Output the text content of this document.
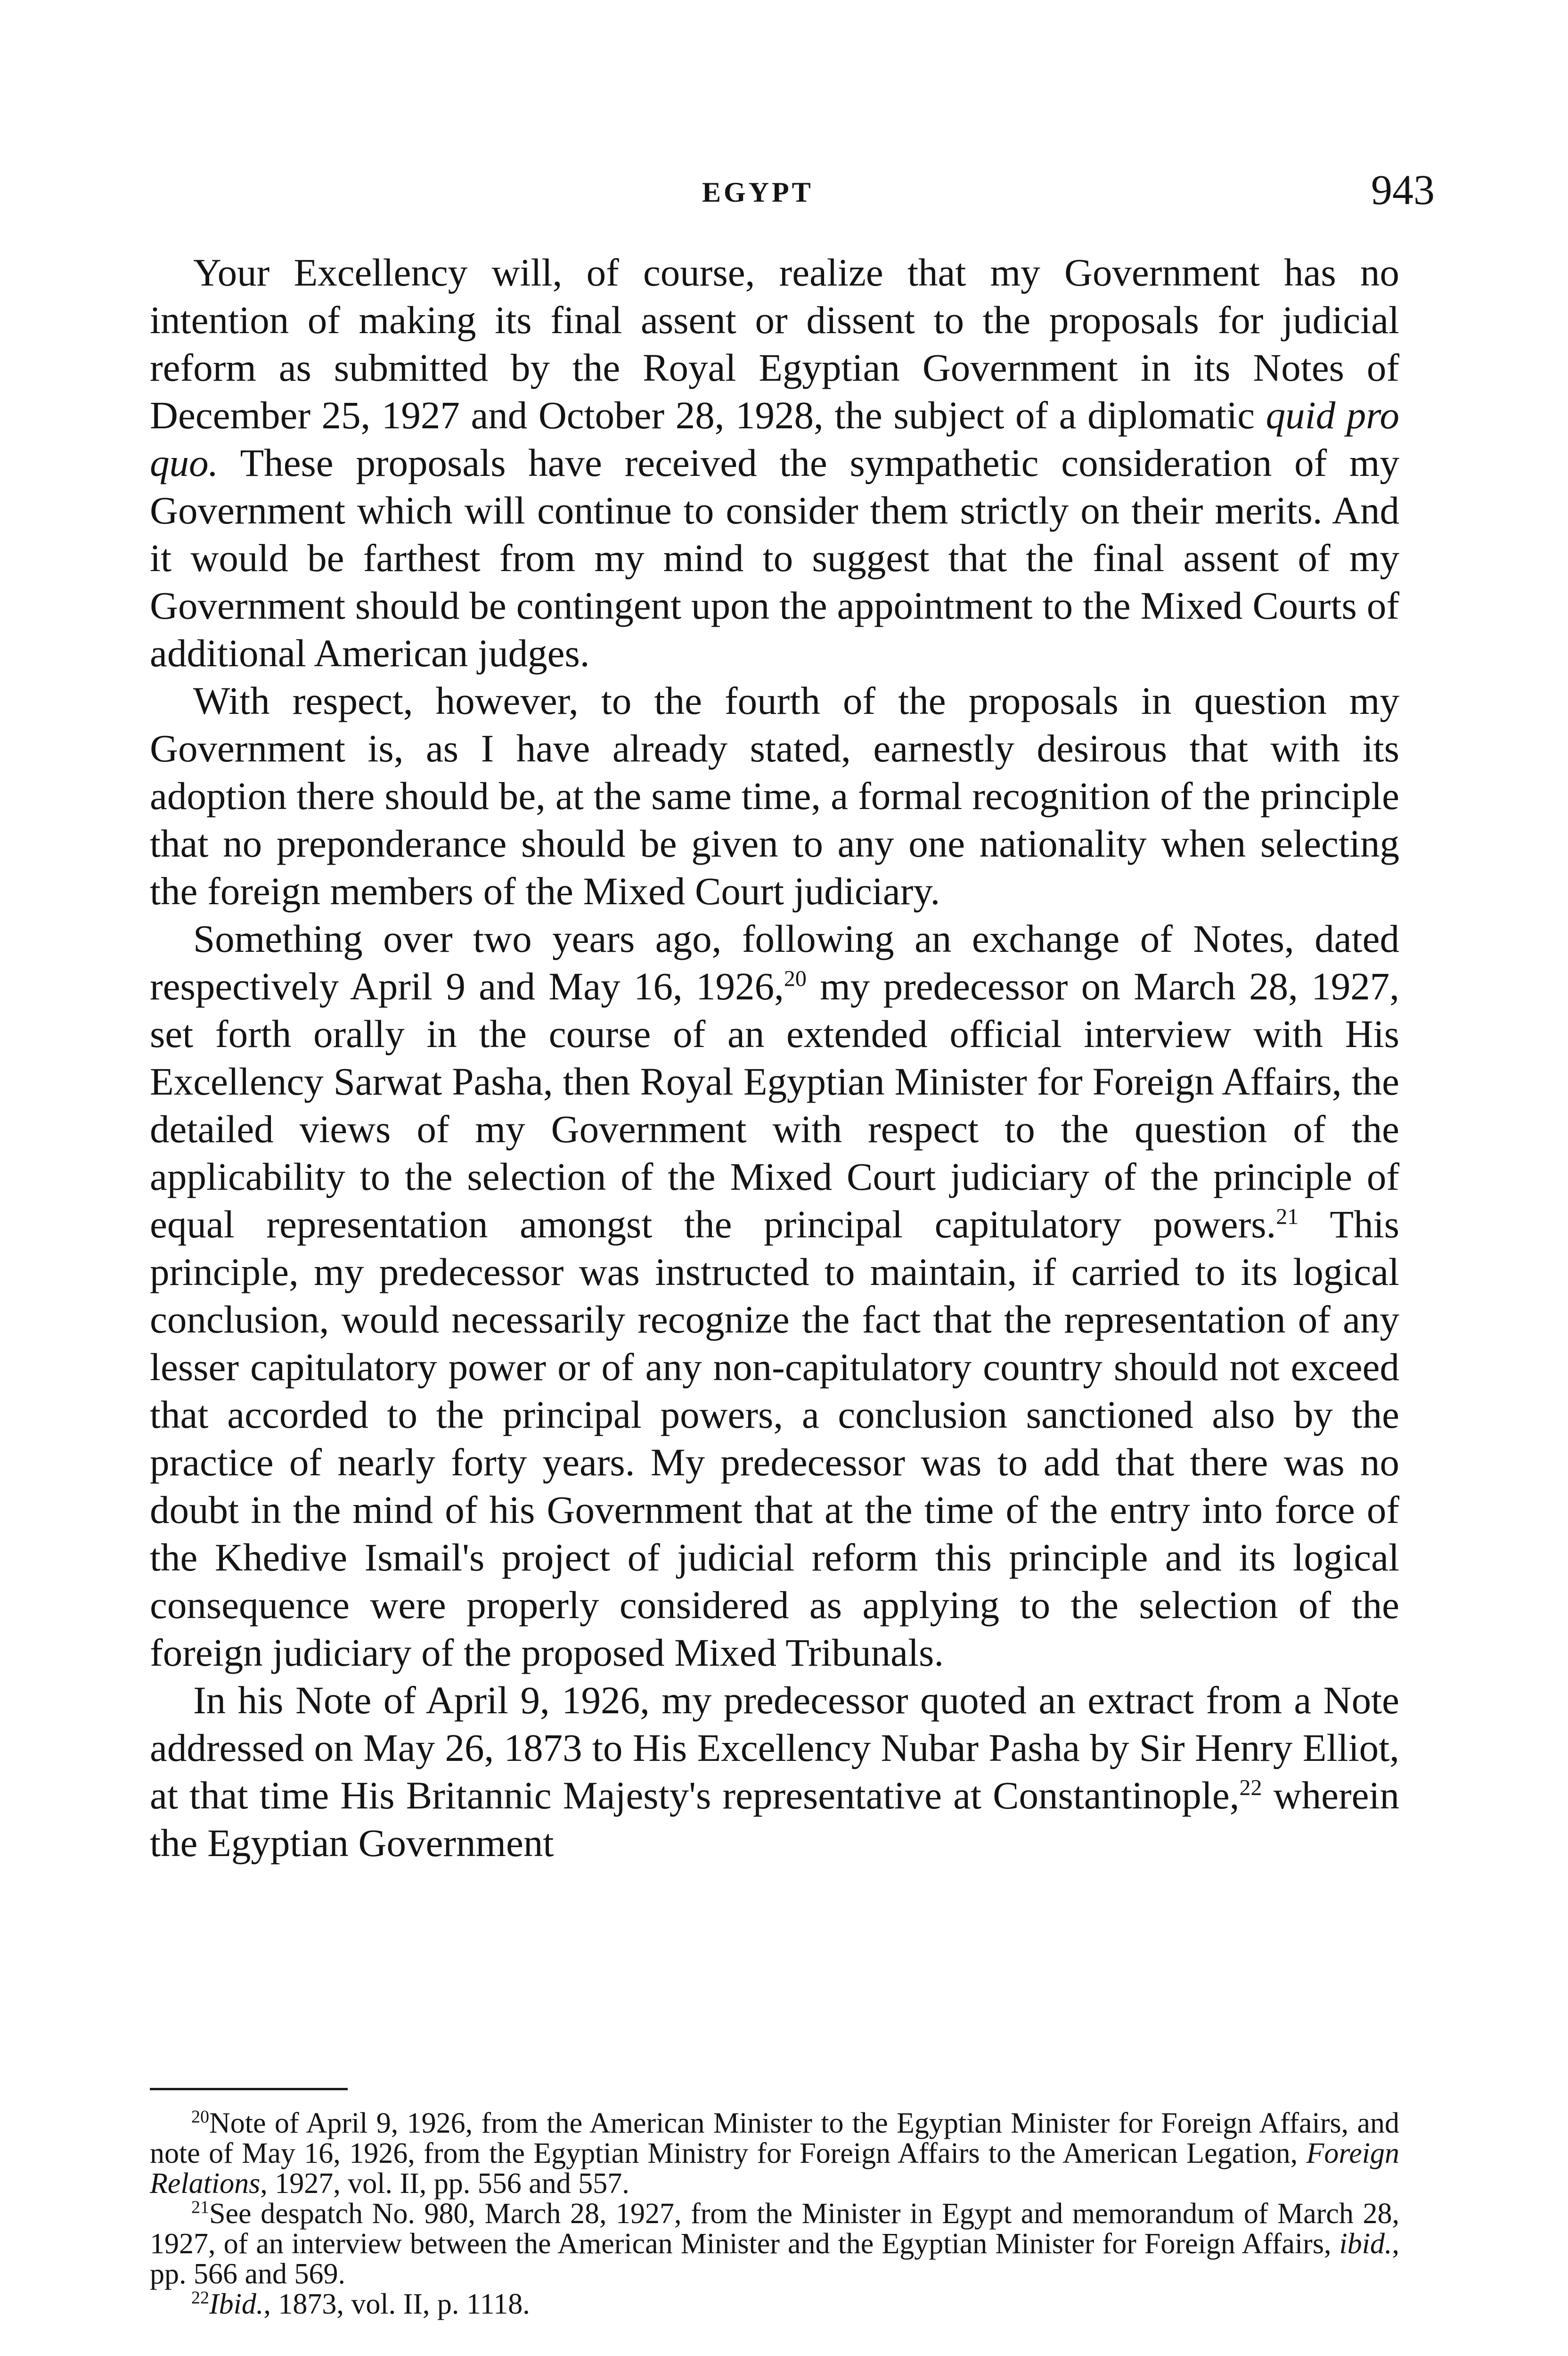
EGYPT	943

Your Excellency will, of course, realize that my Government has no intention of making its final assent or dissent to the proposals for judicial reform as submitted by the Royal Egyptian Government in its Notes of December 25, 1927 and October 28, 1928, the subject of a diplomatic quid pro quo. These proposals have received the sympathetic consideration of my Government which will continue to consider them strictly on their merits. And it would be farthest from my mind to suggest that the final assent of my Government should be contingent upon the appointment to the Mixed Courts of additional American judges.

With respect, however, to the fourth of the proposals in question my Government is, as I have already stated, earnestly desirous that with its adoption there should be, at the same time, a formal recognition of the principle that no preponderance should be given to any one nationality when selecting the foreign members of the Mixed Court judiciary.

Something over two years ago, following an exchange of Notes, dated respectively April 9 and May 16, 1926,20 my predecessor on March 28, 1927, set forth orally in the course of an extended official interview with His Excellency Sarwat Pasha, then Royal Egyptian Minister for Foreign Affairs, the detailed views of my Government with respect to the question of the applicability to the selection of the Mixed Court judiciary of the principle of equal representation amongst the principal capitulatory powers.$^{21}$ This principle, my predecessor was instructed to maintain, if carried to its logical conclusion, would necessarily recognize the fact that the representation of any lesser capitulatory power or of any non-capitulatory country should not exceed that accorded to the principal powers, a conclusion sanctioned also by the practice of nearly forty years. My predecessor was to add that there was no doubt in the mind of his Government that at the time of the entry into force of the Khedive Ismail's project of judicial reform this principle and its logical consequence were properly considered as applying to the selection of the foreign judiciary of the proposed Mixed Tribunals.

In his Note of April 9, 1926, my predecessor quoted an extract from a Note addressed on May 26, 1873 to His Excellency Nubar Pasha by Sir Henry Elliot, at that time His Britannic Majesty's representative at Constantinople,$^{22}$ wherein the Egyptian Government

$^{20}$Note of April 9, 1926, from the American Minister to the Egyptian Minister for Foreign Affairs, and note of May 16, 1926, from the Egyptian Ministry for Foreign Affairs to the American Legation, Foreign Relations, 1927, vol. II, pp. 556 and 557.

$^{21}$See despatch No. 980, March 28, 1927, from the Minister in Egypt and memorandum of March 28, 1927, of an interview between the American Minister and the Egyptian Minister for Foreign Affairs, ibid., pp. 566 and 569.

$^{22}$Ibid., 1873, vol. II, p. 1118.
